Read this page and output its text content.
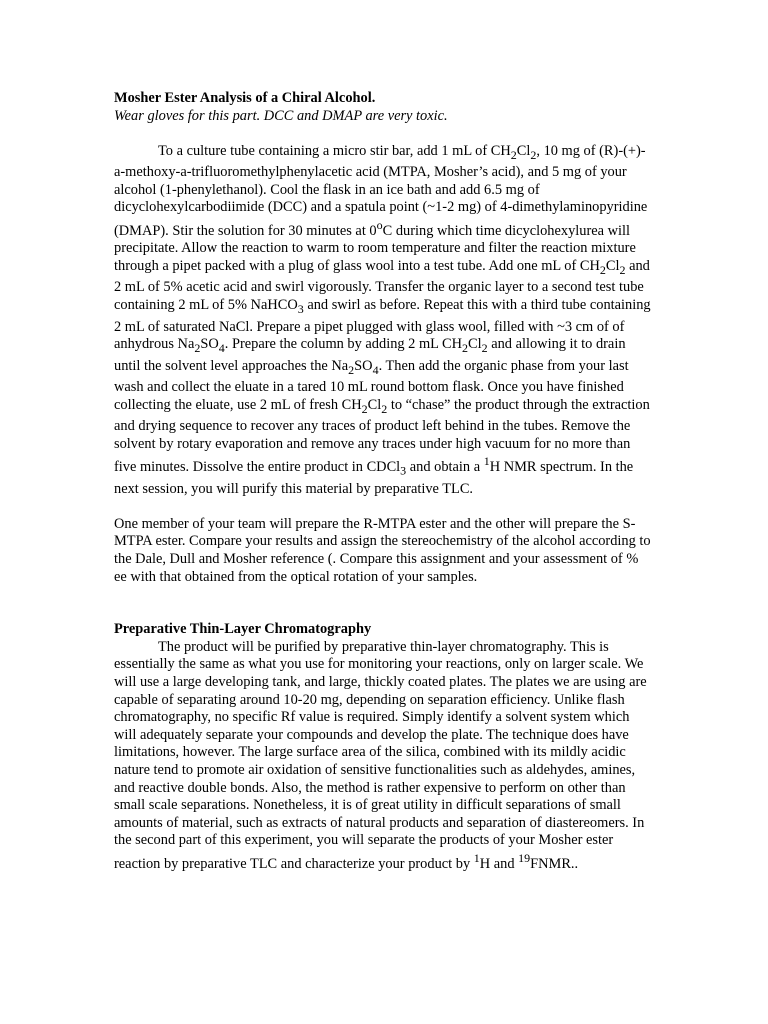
Mosher Ester Analysis of a Chiral Alcohol.

Wear gloves for this part. DCC and DMAP are very toxic.

To a culture tube containing a micro stir bar, add 1 mL of $CH_2Cl_2$, 10 mg of (R)-(+)-a-methoxy-a-trifluoromethylphenylacetic acid (MTPA, Mosher’s acid), and 5 mg of your alcohol (1-phenylethanol). Cool the flask in an ice bath and add 6.5 mg of dicyclohexylcarbodiimide (DCC) and a spatula point (~1-2 mg) of 4-dimethylaminopyridine (DMAP). Stir the solution for 30 minutes at 0$^o$C during which time dicyclohexylurea will precipitate. Allow the reaction to warm to room temperature and filter the reaction mixture through a pipet packed with a plug of glass wool into a test tube. Add one mL of $CH_2Cl_2$ and 2 mL of 5% acetic acid and swirl vigorously. Transfer the organic layer to a second test tube containing 2 mL of 5% NaHCO$_3$ and swirl as before. Repeat this with a third tube containing 2 mL of saturated NaCl. Prepare a pipet plugged with glass wool, filled with ~3 cm of of anhydrous $Na_2SO_4$. Prepare the column by adding 2 mL $CH_2Cl_2$ and allowing it to drain until the solvent level approaches the $Na_2SO_4$. Then add the organic phase from your last wash and collect the eluate in a tared 10 mL round bottom flask. Once you have finished collecting the eluate, use 2 mL of fresh $CH_2Cl_2$ to “chase” the product through the extraction and drying sequence to recover any traces of product left behind in the tubes. Remove the solvent by rotary evaporation and remove any traces under high vacuum for no more than five minutes. Dissolve the entire product in CDCl$_3$ and obtain a $^1$H NMR spectrum. In the next session, you will purify this material by preparative TLC.

One member of your team will prepare the R-MTPA ester and the other will prepare the S-MTPA ester. Compare your results and assign the stereochemistry of the alcohol according to the Dale, Dull and Mosher reference (. Compare this assignment and your assessment of % ee with that obtained from the optical rotation of your samples.

Preparative Thin-Layer Chromatography

The product will be purified by preparative thin-layer chromatography. This is essentially the same as what you use for monitoring your reactions, only on larger scale. We will use a large developing tank, and large, thickly coated plates. The plates we are using are capable of separating around 10-20 mg, depending on separation efficiency. Unlike flash chromatography, no specific Rf value is required. Simply identify a solvent system which will adequately separate your compounds and develop the plate. The technique does have limitations, however. The large surface area of the silica, combined with its mildly acidic nature tend to promote air oxidation of sensitive functionalities such as aldehydes, amines, and reactive double bonds. Also, the method is rather expensive to perform on other than small scale separations. Nonetheless, it is of great utility in difficult separations of small amounts of material, such as extracts of natural products and separation of diastereomers. In the second part of this experiment, you will separate the products of your Mosher ester reaction by preparative TLC and characterize your product by $^1$H and $^{19}$FNMR..
